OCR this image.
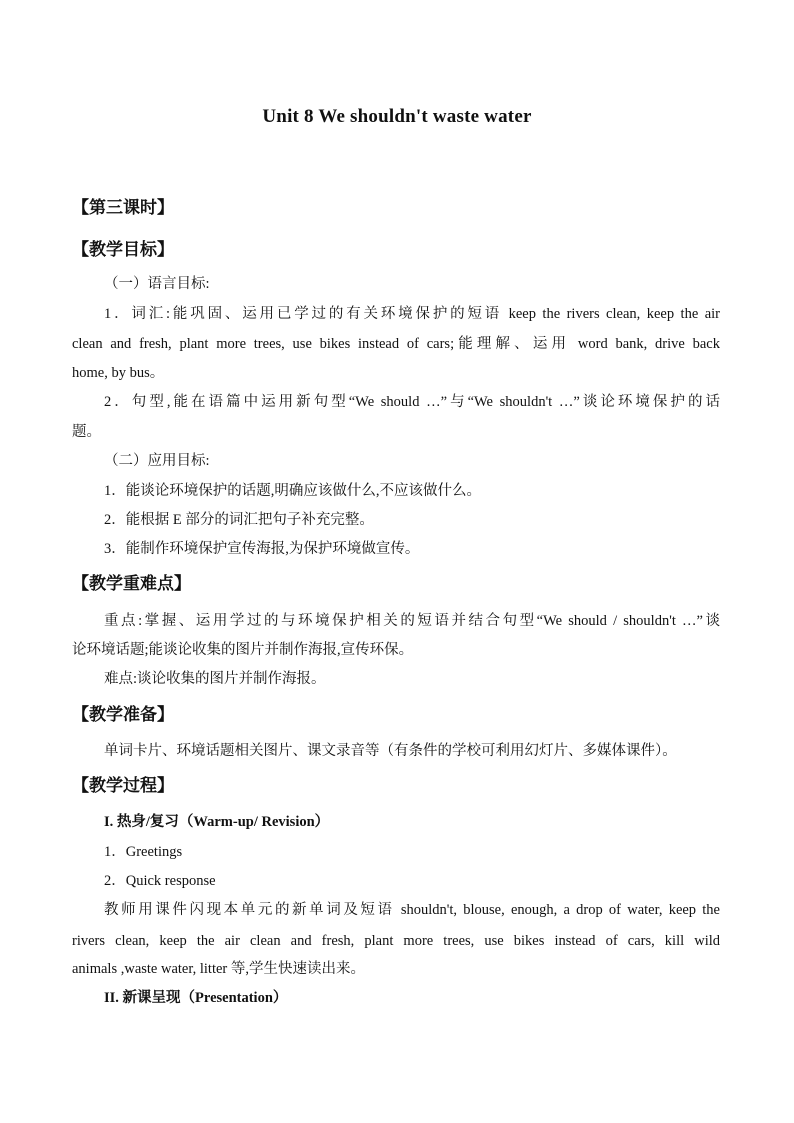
Unit 8 We shouldn't waste water
【第三课时】
【教学目标】
（一）语言目标:
1．词汇:能巩固、运用已学过的有关环境保护的短语 keep the rivers clean, keep the air
clean and fresh, plant more trees, use bikes instead of cars;能理解、运用 word bank, drive back
home, by bus。
2．句型,能在语篇中运用新句型“We should …”与“We shouldn't …”谈论环境保护的话
题。
（二）应用目标:
1．能谈论环境保护的话题,明确应该做什么,不应该做什么。
2．能根据 E 部分的词汇把句子补充完整。
3．能制作环境保护宣传海报,为保护环境做宣传。
【教学重难点】
重点:掌握、运用学过的与环境保护相关的短语并结合句型“We should / shouldn't …”谈
论环境话题;能谈论收集的图片并制作海报,宣传环保。
难点:谈论收集的图片并制作海报。
【教学准备】
单词卡片、环境话题相关图片、课文录音等（有条件的学校可利用幻灯片、多媒体课件）。
【教学过程】
I. 热身/复习（Warm-up/ Revision）
1．Greetings
2．Quick response
教师用课件闪现本单元的新单词及短语 shouldn't, blouse, enough, a drop of water, keep the
rivers clean, keep the air clean and fresh, plant more trees, use bikes instead of cars, kill wild
animals ,waste water, litter 等,学生快速读出来。
II. 新课呈现（Presentation）
